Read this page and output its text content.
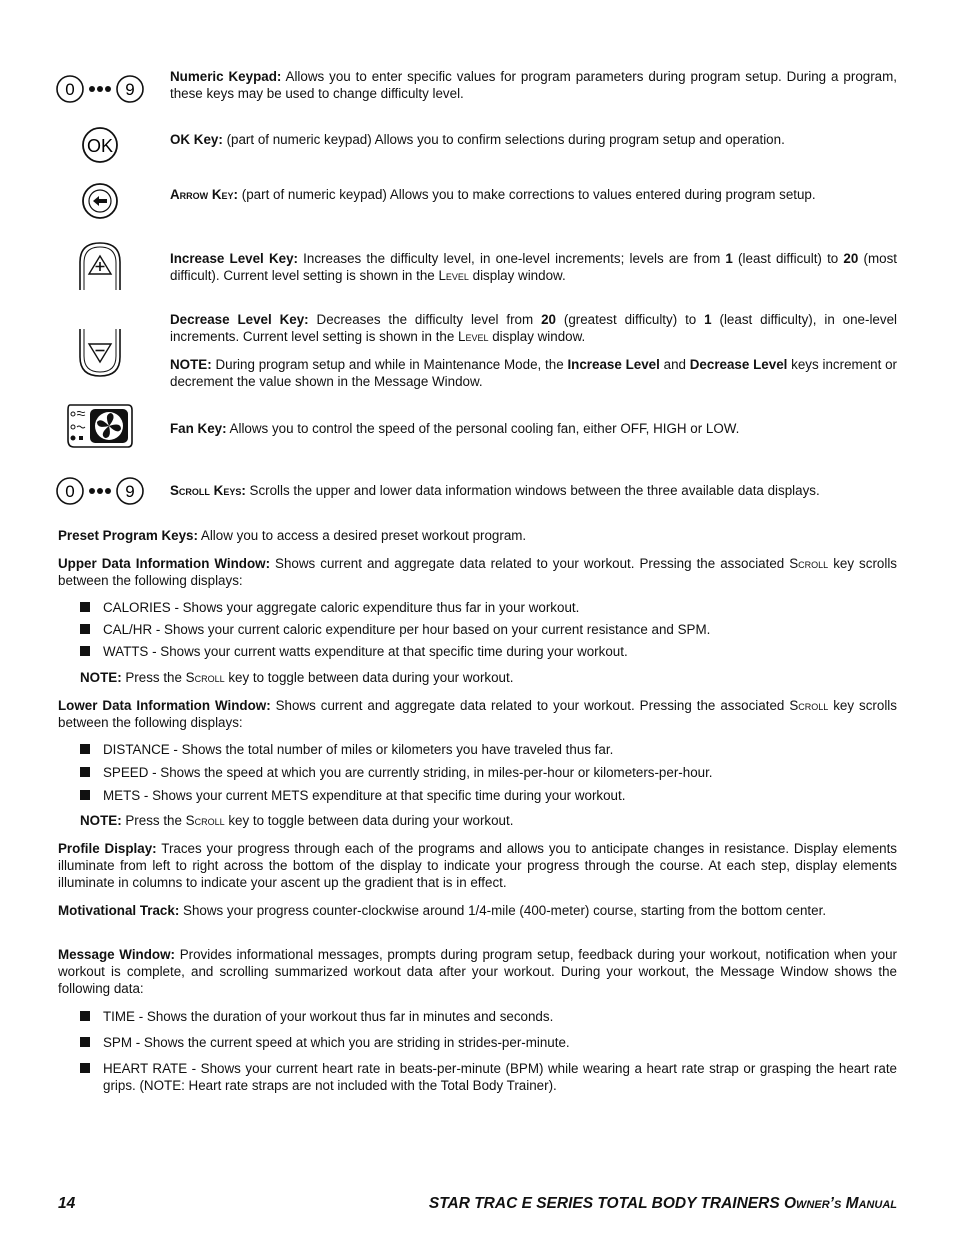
0	9

Numeric Keypad: Allows you to enter specific values for program parameters during program setup. During a program, these keys may be used to change difficulty level.

OK	OK Key: (part of numeric keypad) Allows you to confirm selections during program setup and operation.

Arrow Key: (part of numeric keypad) Allows you to make corrections to values entered during program setup.

Increase Level Key: Increases the difficulty level, in one-level increments; levels are from 1 (least difficult) to 20 (most difficult). Current level setting is shown in the Level display window.

Decrease Level Key: Decreases the difficulty level from 20 (greatest difficulty) to 1 (least difficulty), in one-level increments. Current level setting is shown in the Level display window.

NOTE: During program setup and while in Maintenance Mode, the Increase Level and Decrease Level keys increment or decrement the value shown in the Message Window.

Fan Key: Allows you to control the speed of the personal cooling fan, either OFF, HIGH or LOW.

0	9	Scroll Keys: Scrolls the upper and lower data information windows between the three available data displays.

Preset Program Keys: Allow you to access a desired preset workout program.
Upper Data Information Window: Shows current and aggregate data related to your workout. Pressing the associated Scroll key scrolls between the following displays:
CALORIES - Shows your aggregate caloric expenditure thus far in your workout.
CAL/HR - Shows your current caloric expenditure per hour based on your current resistance and SPM.
WATTS - Shows your current watts expenditure at that specific time during your workout.
NOTE: Press the Scroll key to toggle between data during your workout.
Lower Data Information Window: Shows current and aggregate data related to your workout. Pressing the associated Scroll key scrolls between the following displays:
DISTANCE - Shows the total number of miles or kilometers you have traveled thus far.
SPEED - Shows the speed at which you are currently striding, in miles-per-hour or kilometers-per-hour.
METS - Shows your current METS expenditure at that specific time during your workout.
NOTE: Press the Scroll key to toggle between data during your workout.
Profile Display: Traces your progress through each of the programs and allows you to anticipate changes in resistance. Display elements illuminate from left to right across the bottom of the display to indicate your progress through the course. At each step, display elements illuminate in columns to indicate your ascent up the gradient that is in effect.
Motivational Track: Shows your progress counter-clockwise around 1/4-mile (400-meter) course, starting from the bottom center.
Message Window: Provides informational messages, prompts during program setup, feedback during your workout, notification when your workout is complete, and scrolling summarized workout data after your workout. During your workout, the Message Window shows the following data:
TIME - Shows the duration of your workout thus far in minutes and seconds.
SPM - Shows the current speed at which you are striding in strides-per-minute.
HEART RATE - Shows your current heart rate in beats-per-minute (BPM) while wearing a heart rate strap or grasping the heart rate grips. (NOTE: Heart rate straps are not included with the Total Body Trainer).
14	STAR TRAC E SERIES TOTAL BODY TRAINERS Owner’s Manual
